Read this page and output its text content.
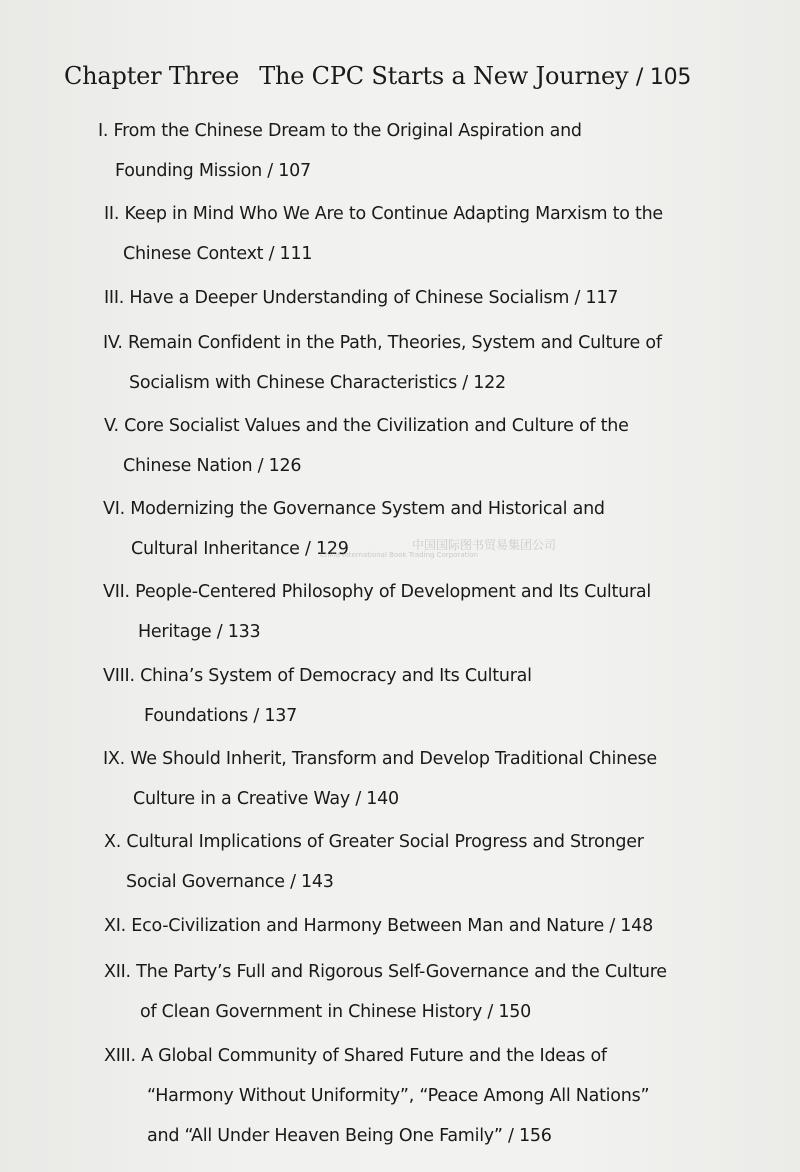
Chapter Three The CPC Starts a New Journey / 105
I. From the Chinese Dream to the Original Aspiration and
Founding Mission / 107
II. Keep in Mind Who We Are to Continue Adapting Marxism to the
Chinese Context / 111
III. Have a Deeper Understanding of Chinese Socialism / 117
IV. Remain Confident in the Path, Theories, System and Culture of
Socialism with Chinese Characteristics / 122
V. Core Socialist Values and the Civilization and Culture of the
Chinese Nation / 126
VI. Modernizing the Governance System and Historical and
Cultural Inheritance / 129
VII. People-Centered Philosophy of Development and Its Cultural
Heritage / 133
VIII. China’s System of Democracy and Its Cultural
Foundations / 137
IX. We Should Inherit, Transform and Develop Traditional Chinese
Culture in a Creative Way / 140
X. Cultural Implications of Greater Social Progress and Stronger
Social Governance / 143
XI. Eco-Civilization and Harmony Between Man and Nature / 148
XII. The Party’s Full and Rigorous Self-Governance and the Culture
of Clean Government in Chinese History / 150
XIII. A Global Community of Shared Future and the Ideas of
“Harmony Without Uniformity”, “Peace Among All Nations”
and “All Under Heaven Being One Family” / 156
中国国际图书贸易集团公司
China International Book Trading Corporation
